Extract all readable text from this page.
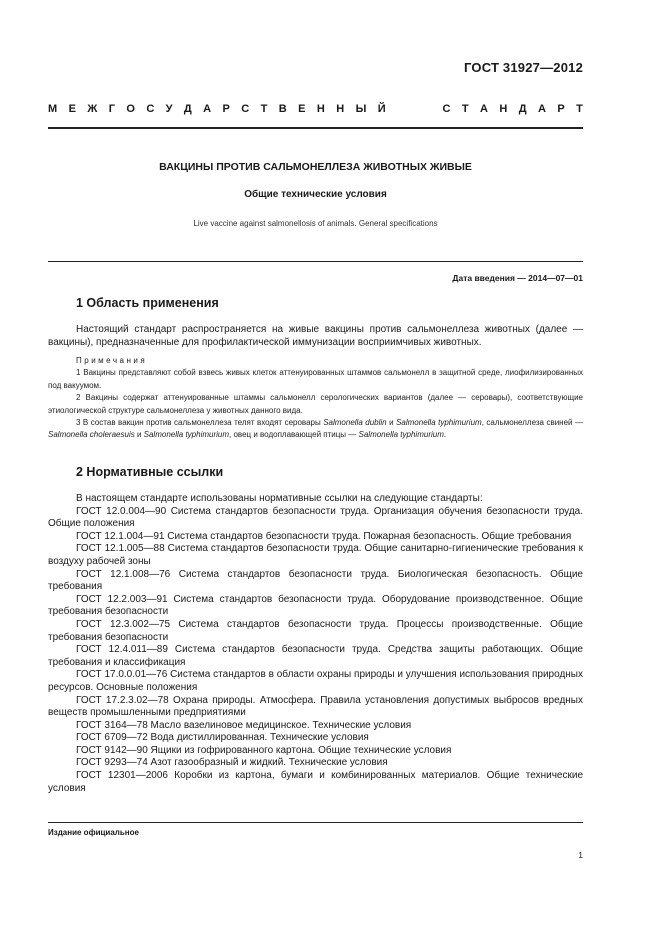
ГОСТ 31927—2012
М Е Ж Г О С У Д А Р С Т В Е Н Н Ы Й	С Т А Н Д А Р Т
ВАКЦИНЫ ПРОТИВ САЛЬМОНЕЛЛЕЗА ЖИВОТНЫХ ЖИВЫЕ
Общие технические условия
Live vaccine against salmonellosis of animals. General specifications
Дата введения — 2014—07—01
1 Область применения
Настоящий стандарт распространяется на живые вакцины против сальмонеллеза животных (далее — вакцины), предназначенные для профилактической иммунизации восприимчивых животных.
Примечания
1 Вакцины представляют собой взвесь живых клеток аттенуированных штаммов сальмонелл в защитной среде, лиофилизированных под вакуумом.
2 Вакцины содержат аттенуированные штаммы сальмонелл серологических вариантов (далее — серовары), соответствующие этиологической структуре сальмонеллеза у животных данного вида.
3 В состав вакцин против сальмонеллеза телят входят серовары Salmonella dublin и Salmonella typhimurium, сальмонеллеза свиней — Salmonella choleraesuis и Salmonella typhimurium, овец и водоплавающей птицы — Salmonella typhimurium.
2 Нормативные ссылки
В настоящем стандарте использованы нормативные ссылки на следующие стандарты:
ГОСТ 12.0.004—90 Система стандартов безопасности труда. Организация обучения безопасности труда. Общие положения
ГОСТ 12.1.004—91 Система стандартов безопасности труда. Пожарная безопасность. Общие требования
ГОСТ 12.1.005—88 Система стандартов безопасности труда. Общие санитарно-гигиенические требования к воздуху рабочей зоны
ГОСТ 12.1.008—76 Система стандартов безопасности труда. Биологическая безопасность. Общие требования
ГОСТ 12.2.003—91 Система стандартов безопасности труда. Оборудование производственное. Общие требования безопасности
ГОСТ 12.3.002—75 Система стандартов безопасности труда. Процессы производственные. Общие требования безопасности
ГОСТ 12.4.011—89 Система стандартов безопасности труда. Средства защиты работающих. Общие требования и классификация
ГОСТ 17.0.0.01—76 Система стандартов в области охраны природы и улучшения использования природных ресурсов. Основные положения
ГОСТ 17.2.3.02—78 Охрана природы. Атмосфера. Правила установления допустимых выбросов вредных веществ промышленными предприятиями
ГОСТ 3164—78 Масло вазелиновое медицинское. Технические условия
ГОСТ 6709—72 Вода дистиллированная. Технические условия
ГОСТ 9142—90 Ящики из гофрированного картона. Общие технические условия
ГОСТ 9293—74 Азот газообразный и жидкий. Технические условия
ГОСТ 12301—2006 Коробки из картона, бумаги и комбинированных материалов. Общие технические условия
Издание официальное
1
